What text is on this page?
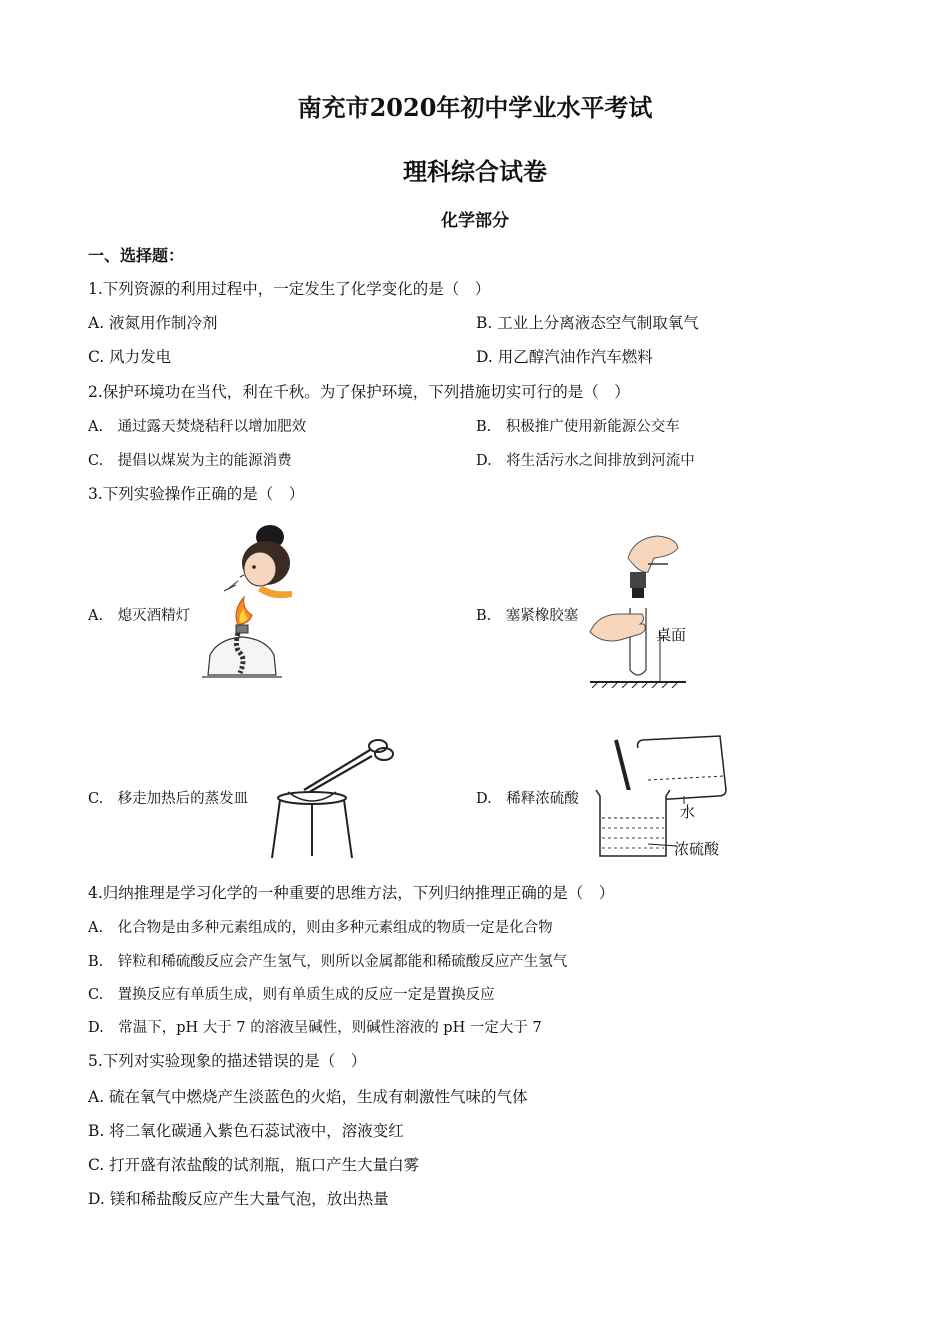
南充市2020年初中学业水平考试
理科综合试卷
化学部分
一、选择题：
1.下列资源的利用过程中，一定发生了化学变化的是（　）
A. 液氮用作制冷剂	B. 工业上分离液态空气制取氧气
C. 风力发电	D. 用乙醇汽油作汽车燃料
2.保护环境功在当代，利在千秋。为了保护环境，下列措施切实可行的是（　）
A.　通过露天焚烧秸秆以增加肥效	B.　积极推广使用新能源公交车
C.　提倡以煤炭为主的能源消费	D.　将生活污水之间排放到河流中
3.下列实验操作正确的是（　）
A.　熄灭酒精灯	B.　塞紧橡胶塞
C.　移走加热后的蒸发皿	D.　稀释浓硫酸
桌面
水
浓硫酸
4.归纳推理是学习化学的一种重要的思维方法，下列归纳推理正确的是（　）
A.　化合物是由多种元素组成的，则由多种元素组成的物质一定是化合物
B.　锌粒和稀硫酸反应会产生氢气，则所以金属都能和稀硫酸反应产生氢气
C.　置换反应有单质生成，则有单质生成的反应一定是置换反应
D.　常温下，pH 大于 7 的溶液呈碱性，则碱性溶液的 pH 一定大于 7
5.下列对实验现象的描述错误的是（　）
A. 硫在氧气中燃烧产生淡蓝色的火焰，生成有刺激性气味的气体
B. 将二氧化碳通入紫色石蕊试液中，溶液变红
C. 打开盛有浓盐酸的试剂瓶，瓶口产生大量白雾
D. 镁和稀盐酸反应产生大量气泡，放出热量
